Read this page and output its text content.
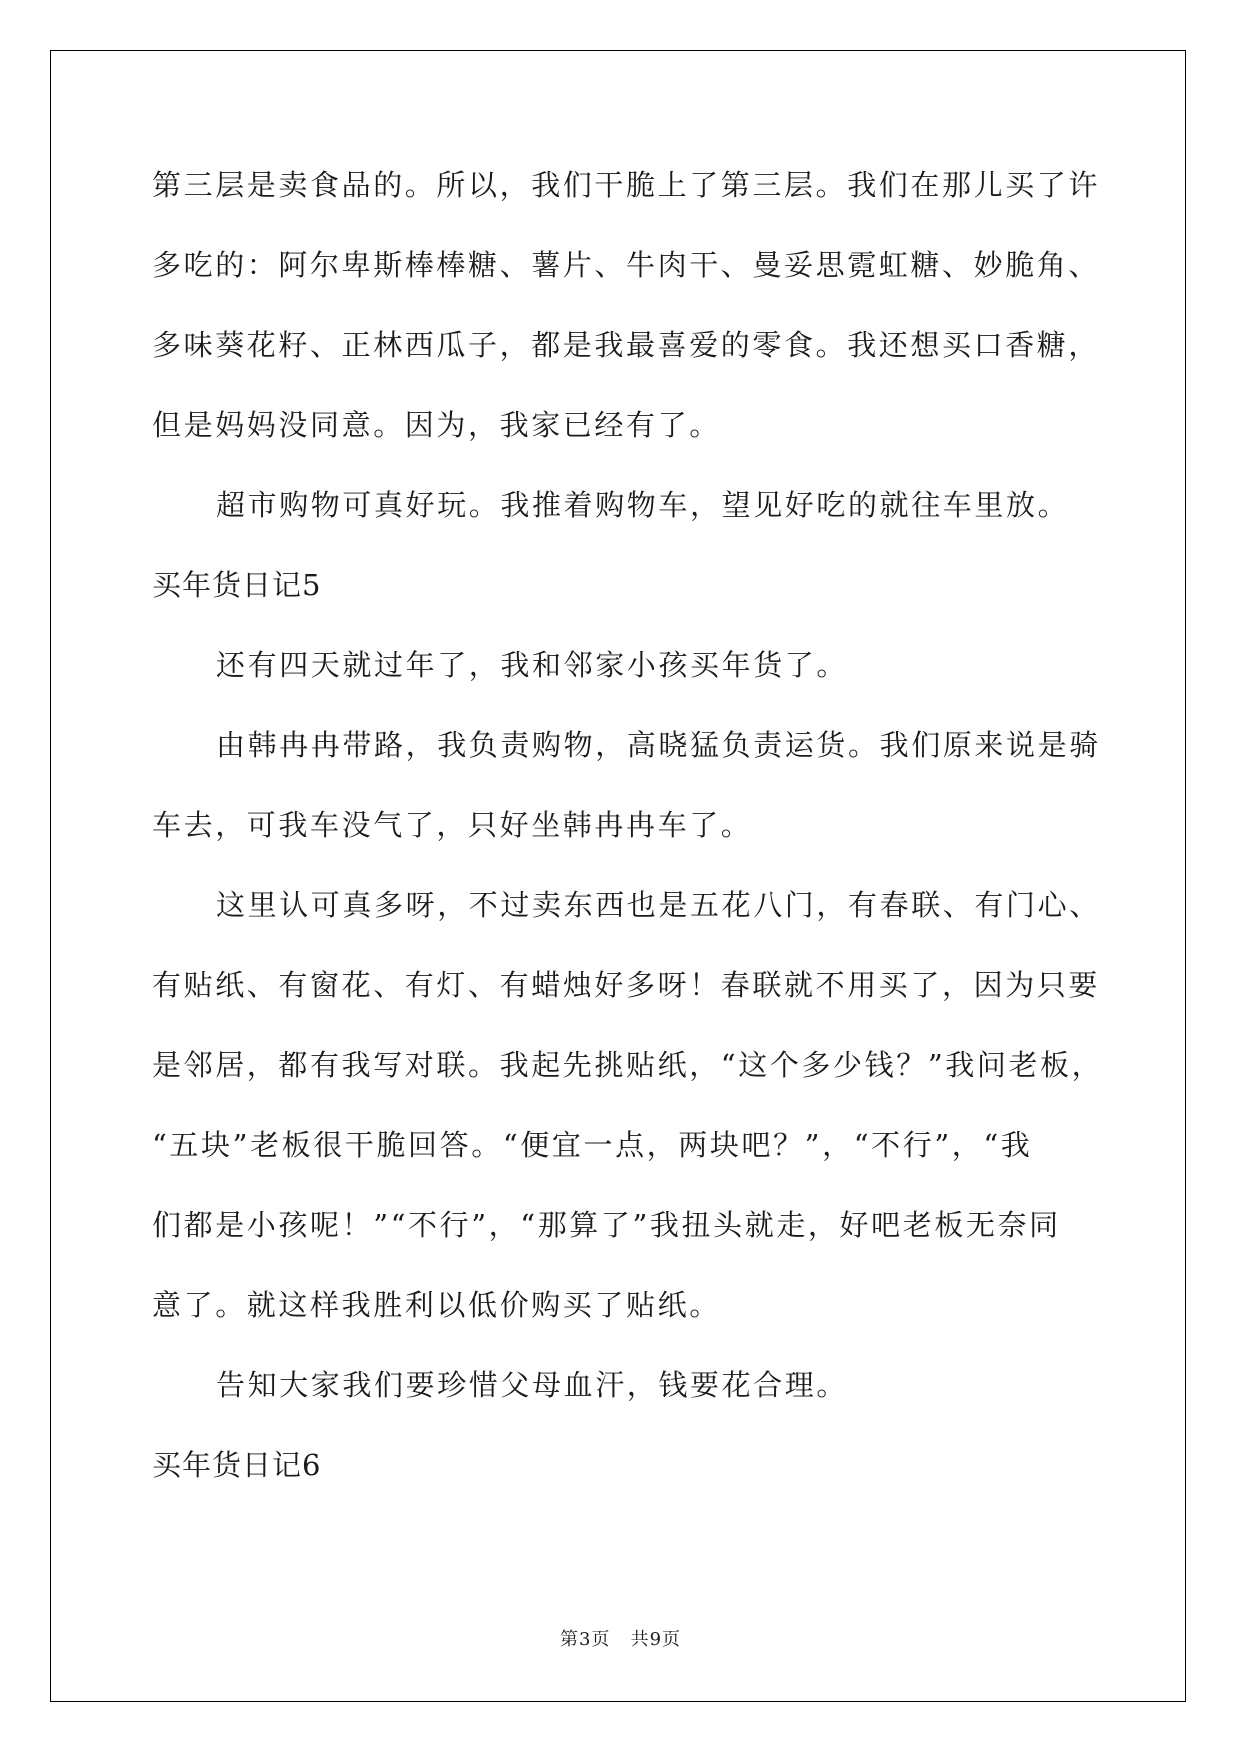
第三层是卖食品的。所以，我们干脆上了第三层。我们在那儿买了许
多吃的：阿尔卑斯棒棒糖、薯片、牛肉干、曼妥思霓虹糖、妙脆角、
多味葵花籽、正林西瓜子，都是我最喜爱的零食。我还想买口香糖，
但是妈妈没同意。因为，我家已经有了。
超市购物可真好玩。我推着购物车，望见好吃的就往车里放。
买年货日记5
还有四天就过年了，我和邻家小孩买年货了。
由韩冉冉带路，我负责购物，高晓猛负责运货。我们原来说是骑
车去，可我车没气了，只好坐韩冉冉车了。
这里认可真多呀，不过卖东西也是五花八门，有春联、有门心、
有贴纸、有窗花、有灯、有蜡烛好多呀！春联就不用买了，因为只要
是邻居，都有我写对联。我起先挑贴纸，“这个多少钱？”我问老板，
“五块”老板很干脆回答。“便宜一点，两块吧？”，“不行”，“我
们都是小孩呢！”“不行”，“那算了”我扭头就走，好吧老板无奈同
意了。就这样我胜利以低价购买了贴纸。
告知大家我们要珍惜父母血汗，钱要花合理。
买年货日记6
第3页 共9页
